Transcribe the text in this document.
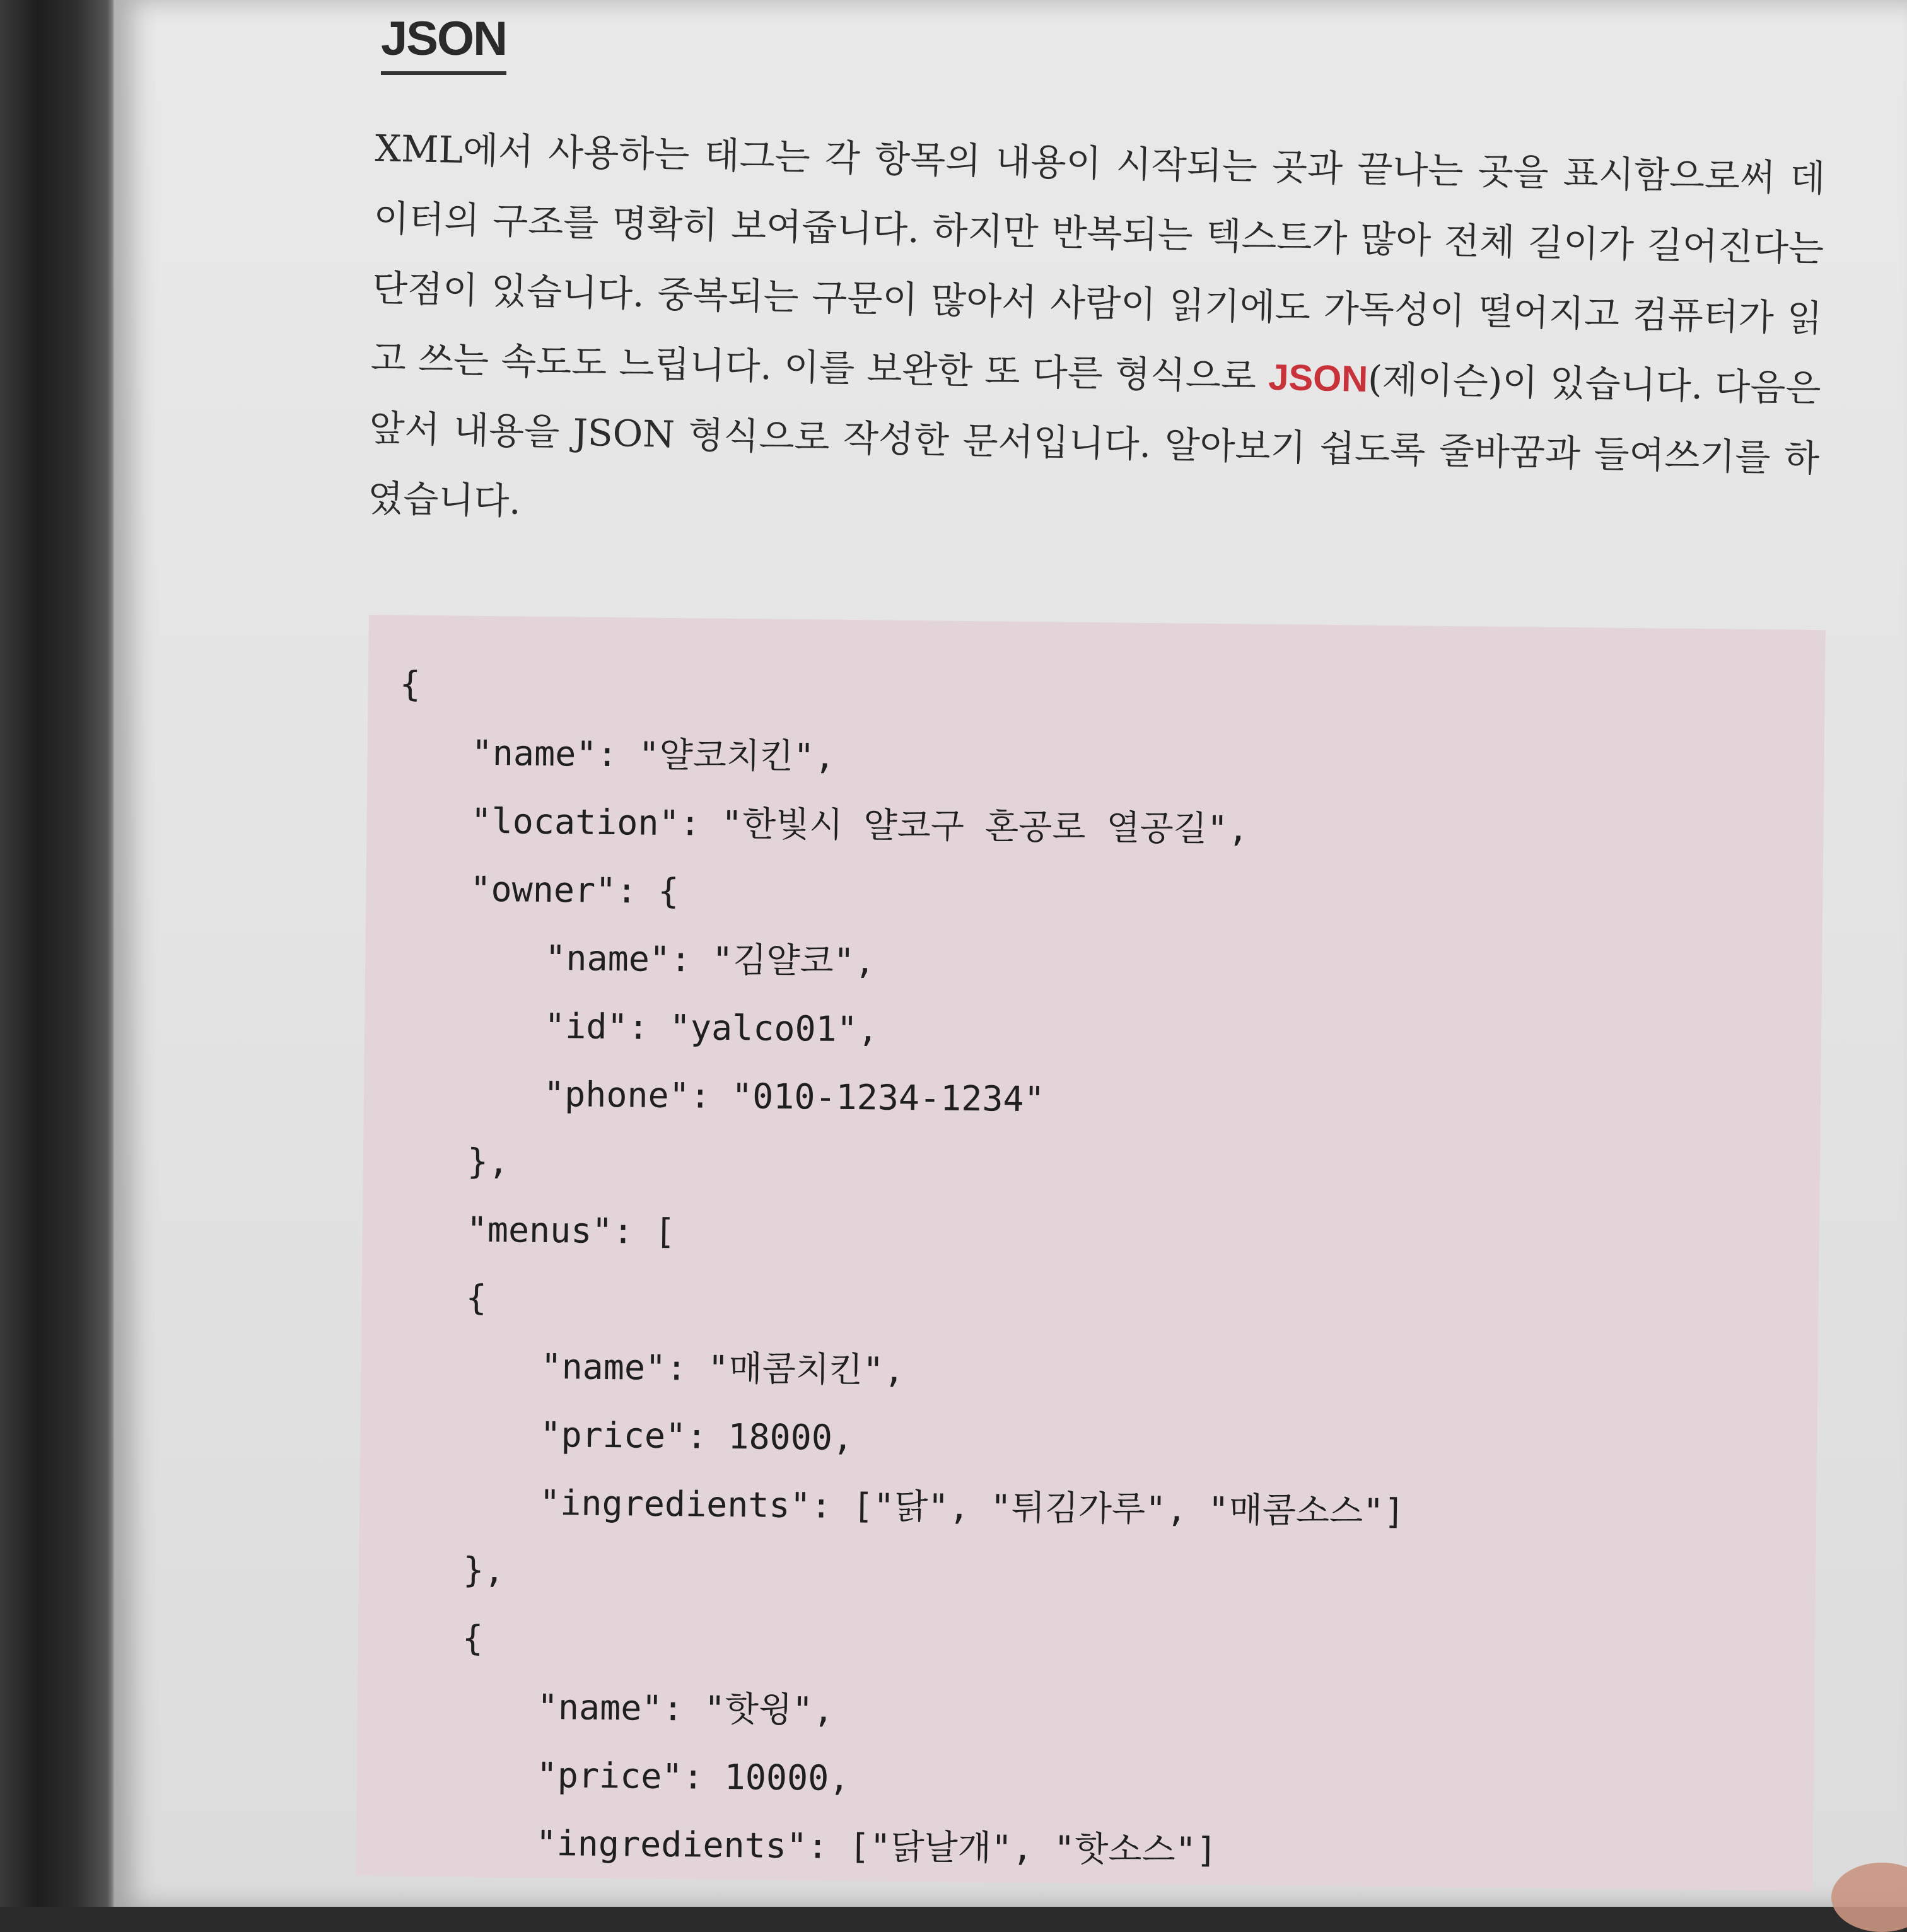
JSON

XML에서 사용하는 태그는 각 항목의 내용이 시작되는 곳과 끝나는 곳을 표시함으로써 데이터의 구조를 명확히 보여줍니다. 하지만 반복되는 텍스트가 많아 전체 길이가 길어진다는 단점이 있습니다. 중복되는 구문이 많아서 사람이 읽기에도 가독성이 떨어지고 컴퓨터가 읽고 쓰는 속도도 느립니다. 이를 보완한 또 다른 형식으로 JSON(제이슨)이 있습니다. 다음은 앞서 내용을 JSON 형식으로 작성한 문서입니다. 알아보기 쉽도록 줄바꿈과 들여쓰기를 하였습니다.

{
"name": "얄코치킨",
"location": "한빛시 얄코구 혼공로 열공길",
"owner": {
"name": "김얄코",
"id": "yalco01",
"phone": "010-1234-1234"
},
"menus": [
{
"name": "매콤치킨",
"price": 18000,
"ingredients": ["닭", "튀김가루", "매콤소스"]
},
{
"name": "핫윙",
"price": 10000,
"ingredients": ["닭날개", "핫소스"]
